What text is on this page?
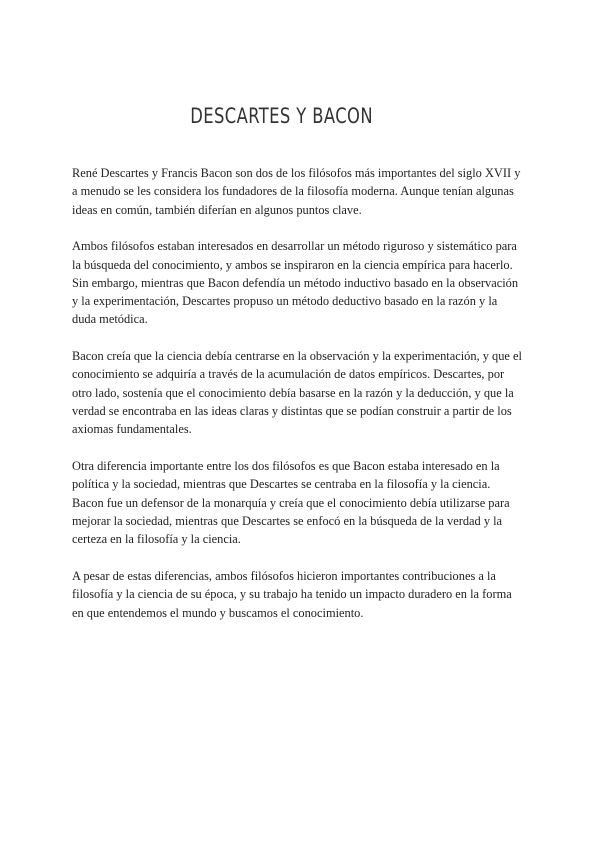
DESCARTES Y BACON

René Descartes y Francis Bacon son dos de los filósofos más importantes del siglo XVII y a menudo se les considera los fundadores de la filosofía moderna. Aunque tenían algunas ideas en común, también diferían en algunos puntos clave.

Ambos filósofos estaban interesados en desarrollar un método riguroso y sistemático para la búsqueda del conocimiento, y ambos se inspiraron en la ciencia empírica para hacerlo. Sin embargo, mientras que Bacon defendía un método inductivo basado en la observación y la experimentación, Descartes propuso un método deductivo basado en la razón y la duda metódica.

Bacon creía que la ciencia debía centrarse en la observación y la experimentación, y que el conocimiento se adquiría a través de la acumulación de datos empíricos. Descartes, por otro lado, sostenía que el conocimiento debía basarse en la razón y la deducción, y que la verdad se encontraba en las ideas claras y distintas que se podían construir a partir de los axiomas fundamentales.

Otra diferencia importante entre los dos filósofos es que Bacon estaba interesado en la política y la sociedad, mientras que Descartes se centraba en la filosofía y la ciencia. Bacon fue un defensor de la monarquía y creía que el conocimiento debía utilizarse para mejorar la sociedad, mientras que Descartes se enfocó en la búsqueda de la verdad y la certeza en la filosofía y la ciencia.

A pesar de estas diferencias, ambos filósofos hicieron importantes contribuciones a la filosofía y la ciencia de su época, y su trabajo ha tenido un impacto duradero en la forma en que entendemos el mundo y buscamos el conocimiento.
